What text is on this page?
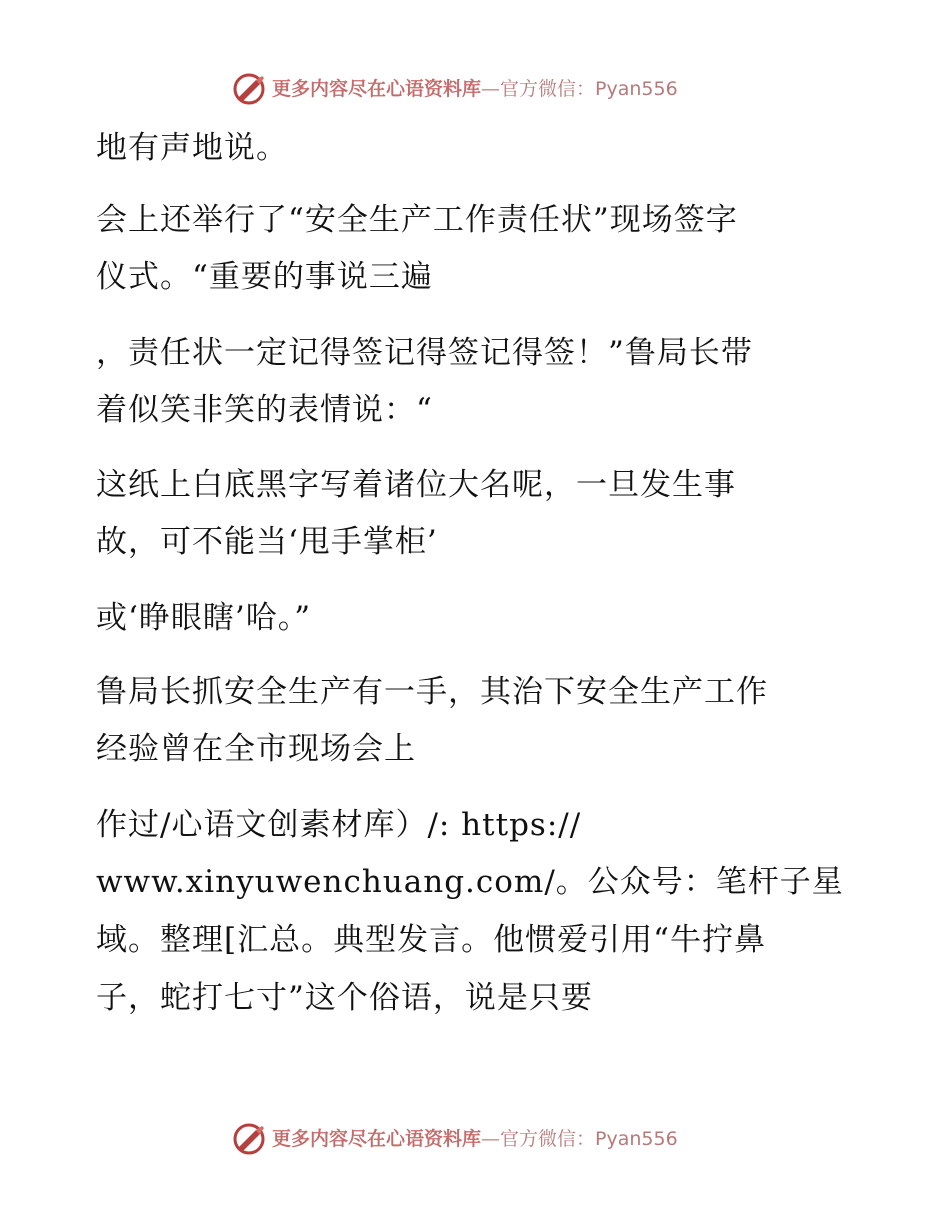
更多内容尽在心语资料库—官方微信：Pyan556

地有声地说。

会上还举行了“安全生产工作责任状”现场签字

仪式。“重要的事说三遍

，责任状一定记得签记得签记得签！”鲁局长带

着似笑非笑的表情说：“

这纸上白底黑字写着诸位大名呢，一旦发生事

故，可不能当‘甩手掌柜’

或‘睁眼瞎’哈。”

鲁局长抓安全生产有一手，其治下安全生产工作

经验曾在全市现场会上

作过/心语文创素材库）/: https://

www.xinyuwenchuang.com/。公众号：笔杆子星

域。整理[汇总。典型发言。他惯爱引用“牛拧鼻

子，蛇打七寸”这个俗语，说是只要

更多内容尽在心语资料库—官方微信：Pyan556
